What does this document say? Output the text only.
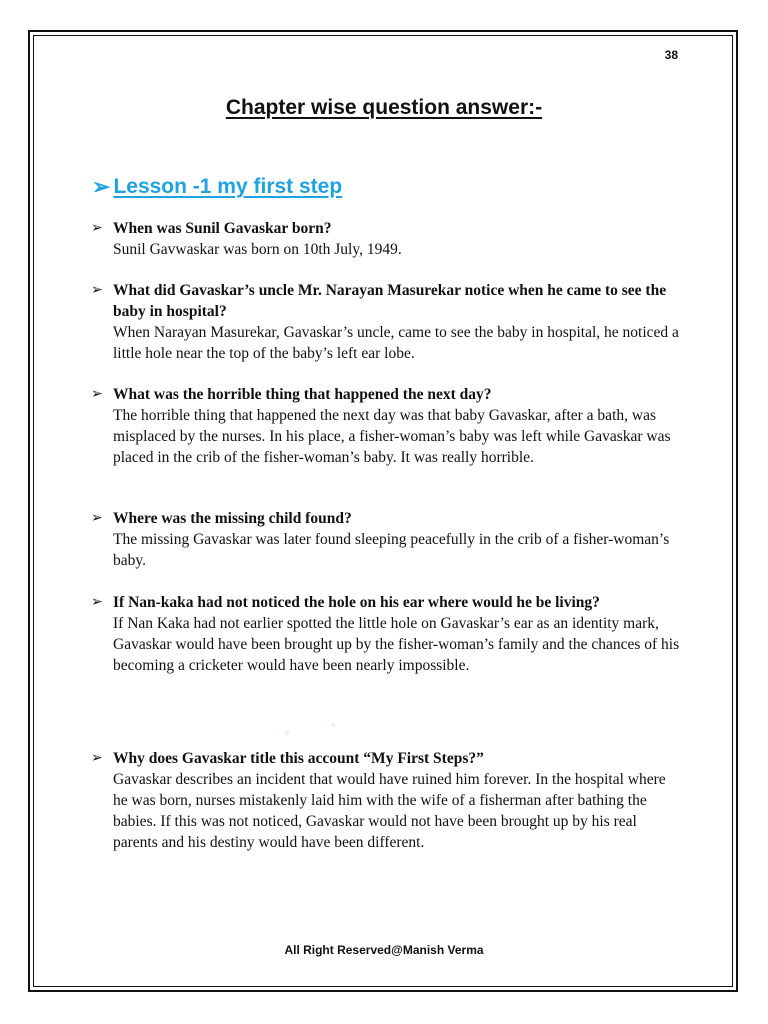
38
Chapter wise question answer:-
➢ Lesson -1 my first step
·   ·
➢ When was Sunil Gavaskar born?
Sunil Gavwaskar was born on 10th July, 1949.
➢ What did Gavaskar’s uncle Mr. Narayan Masurekar notice when he came to see the baby in hospital?
When Narayan Masurekar, Gavaskar’s uncle, came to see the baby in hospital, he noticed a little hole near the top of the baby’s left ear lobe.
➢ What was the horrible thing that happened the next day?
The horrible thing that happened the next day was that baby Gavaskar, after a bath, was misplaced by the nurses. In his place, a fisher-woman’s baby was left while Gavaskar was placed in the crib of the fisher-woman’s baby. It was really horrible.
➢ Where was the missing child found?
The missing Gavaskar was later found sleeping peacefully in the crib of a fisher-woman’s baby.
➢ If Nan-kaka had not noticed the hole on his ear where would he be living?
If Nan Kaka had not earlier spotted the little hole on Gavaskar’s ear as an identity mark, Gavaskar would have been brought up by the fisher-woman’s family and the chances of his becoming a cricketer would have been nearly impossible.
➢ Why does Gavaskar title this account “My First Steps?”
Gavaskar describes an incident that would have ruined him forever. In the hospital where he was born, nurses mistakenly laid him with the wife of a fisherman after bathing the babies. If this was not noticed, Gavaskar would not have been brought up by his real parents and his destiny would have been different.
All Right Reserved@Manish Verma
